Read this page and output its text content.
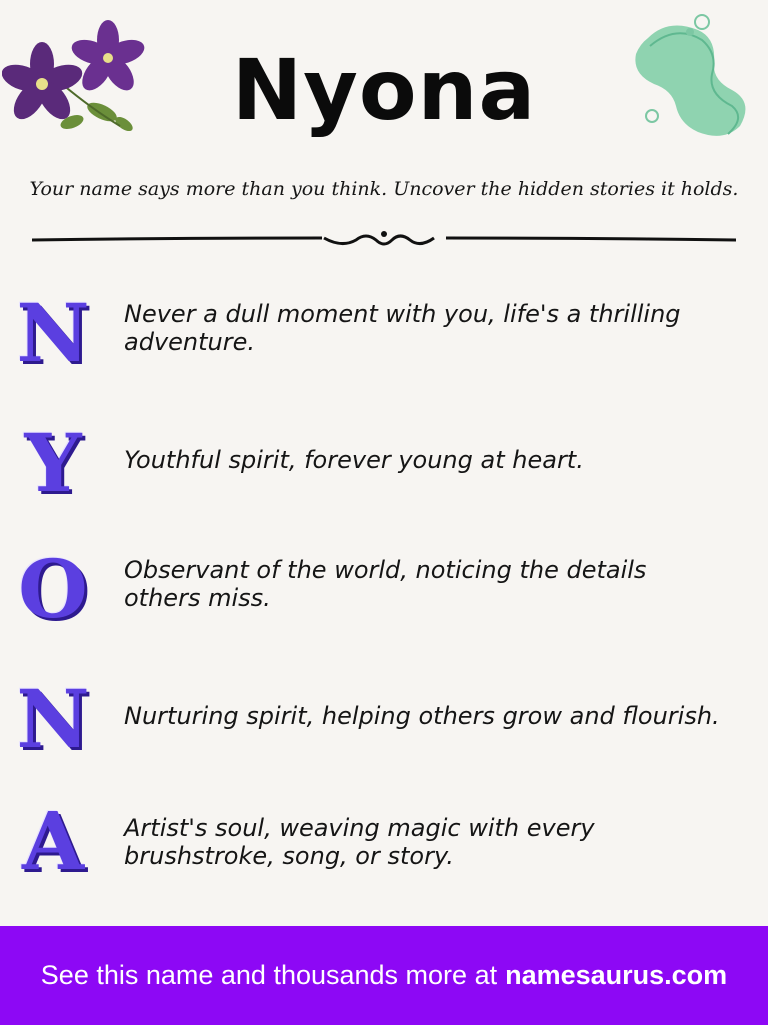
Nyona
Your name says more than you think. Uncover the hidden stories it holds.
N Never a dull moment with you, life's a thrilling adventure.
Y	Youthful spirit, forever young at heart.
O	Observant of the world, noticing the details others miss.
N Nurturing spirit, helping others grow and flourish.
A	Artist's soul, weaving magic with every brushstroke, song, or story.
See this name and thousands more at namesaurus.com
